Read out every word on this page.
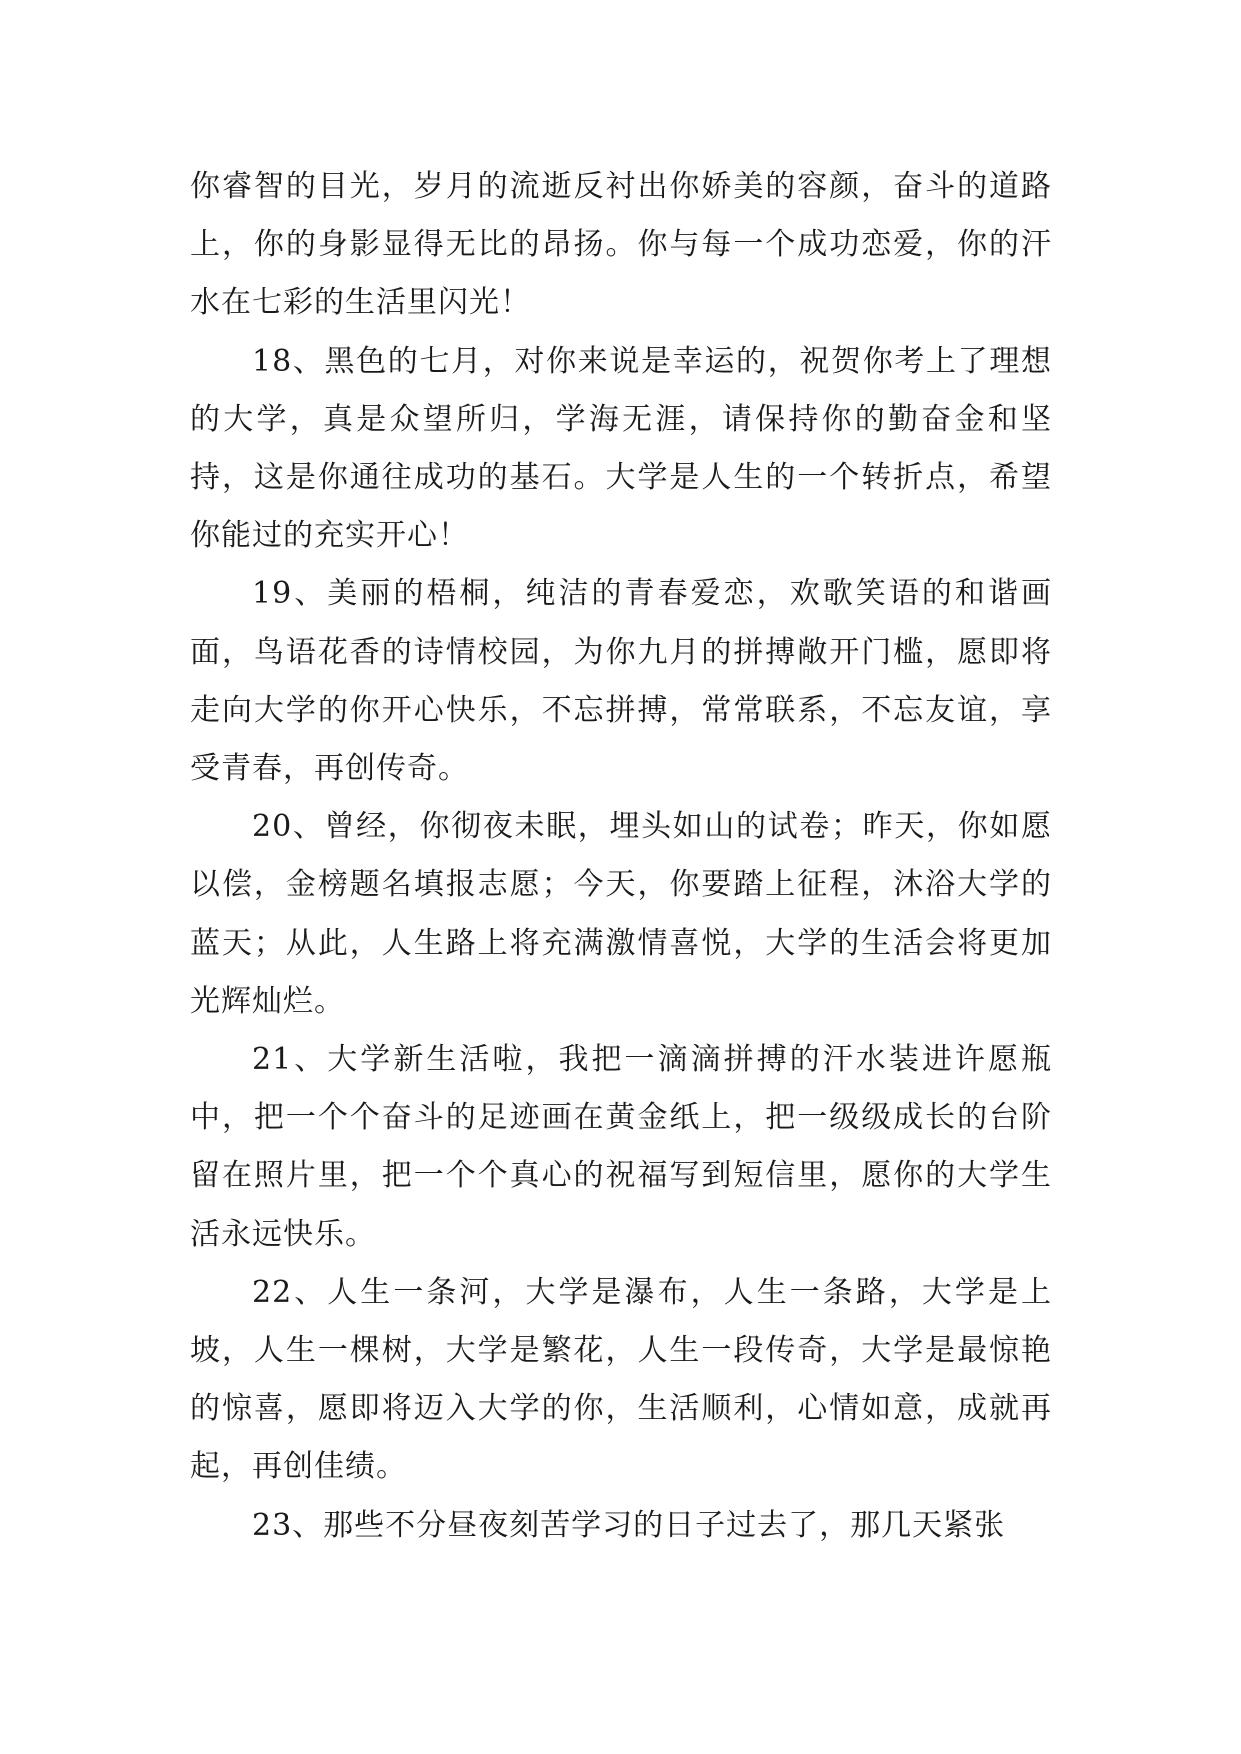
你睿智的目光，岁月的流逝反衬出你娇美的容颜，奋斗的道路上，你的身影显得无比的昂扬。你与每一个成功恋爱，你的汗水在七彩的生活里闪光！

18、黑色的七月，对你来说是幸运的，祝贺你考上了理想的大学，真是众望所归，学海无涯，请保持你的勤奋金和坚持，这是你通往成功的基石。大学是人生的一个转折点，希望你能过的充实开心！

19、美丽的梧桐，纯洁的青春爱恋，欢歌笑语的和谐画面，鸟语花香的诗情校园，为你九月的拼搏敞开门槛，愿即将走向大学的你开心快乐，不忘拼搏，常常联系，不忘友谊，享受青春，再创传奇。

20、曾经，你彻夜未眠，埋头如山的试卷；昨天，你如愿以偿，金榜题名填报志愿；今天，你要踏上征程，沐浴大学的蓝天；从此，人生路上将充满激情喜悦，大学的生活会将更加光辉灿烂。

21、大学新生活啦，我把一滴滴拼搏的汗水装进许愿瓶中，把一个个奋斗的足迹画在黄金纸上，把一级级成长的台阶留在照片里，把一个个真心的祝福写到短信里，愿你的大学生活永远快乐。

22、人生一条河，大学是瀑布，人生一条路，大学是上坡，人生一棵树，大学是繁花，人生一段传奇，大学是最惊艳的惊喜，愿即将迈入大学的你，生活顺利，心情如意，成就再起，再创佳绩。

23、那些不分昼夜刻苦学习的日子过去了，那几天紧张
